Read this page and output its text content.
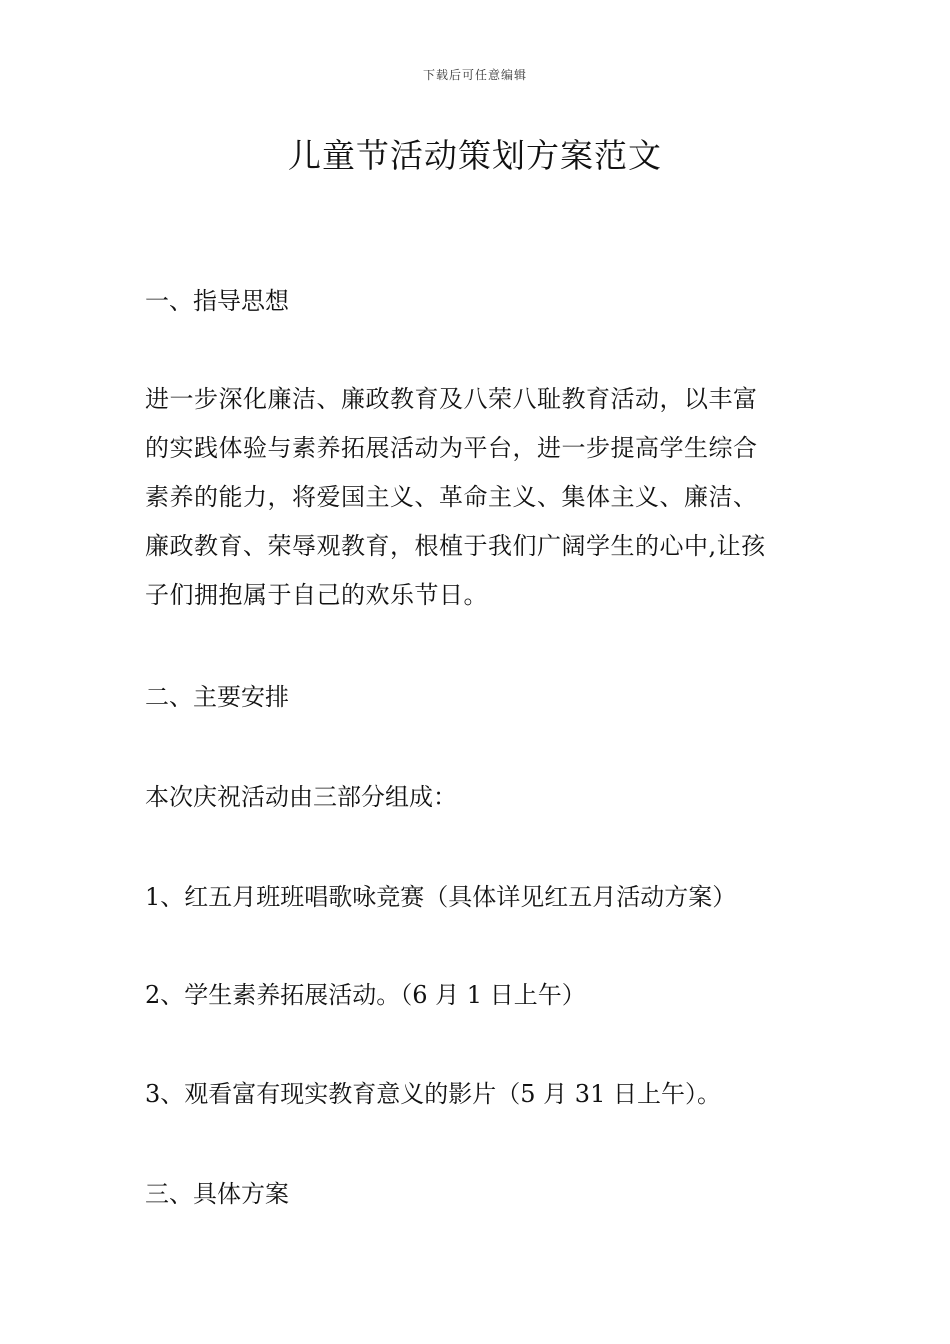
下载后可任意编辑
儿童节活动策划方案范文

一、指导思想

进一步深化廉洁、廉政教育及八荣八耻教育活动，以丰富
的实践体验与素养拓展活动为平台，进一步提高学生综合
素养的能力，将爱国主义、革命主义、集体主义、廉洁、
廉政教育、荣辱观教育，根植于我们广阔学生的心中,让孩
子们拥抱属于自己的欢乐节日。

二、主要安排

本次庆祝活动由三部分组成：

1、红五月班班唱歌咏竞赛（具体详见红五月活动方案）

2、学生素养拓展活动。（6 月 1 日上午）

3、观看富有现实教育意义的影片（5 月 31 日上午）。

三、具体方案
